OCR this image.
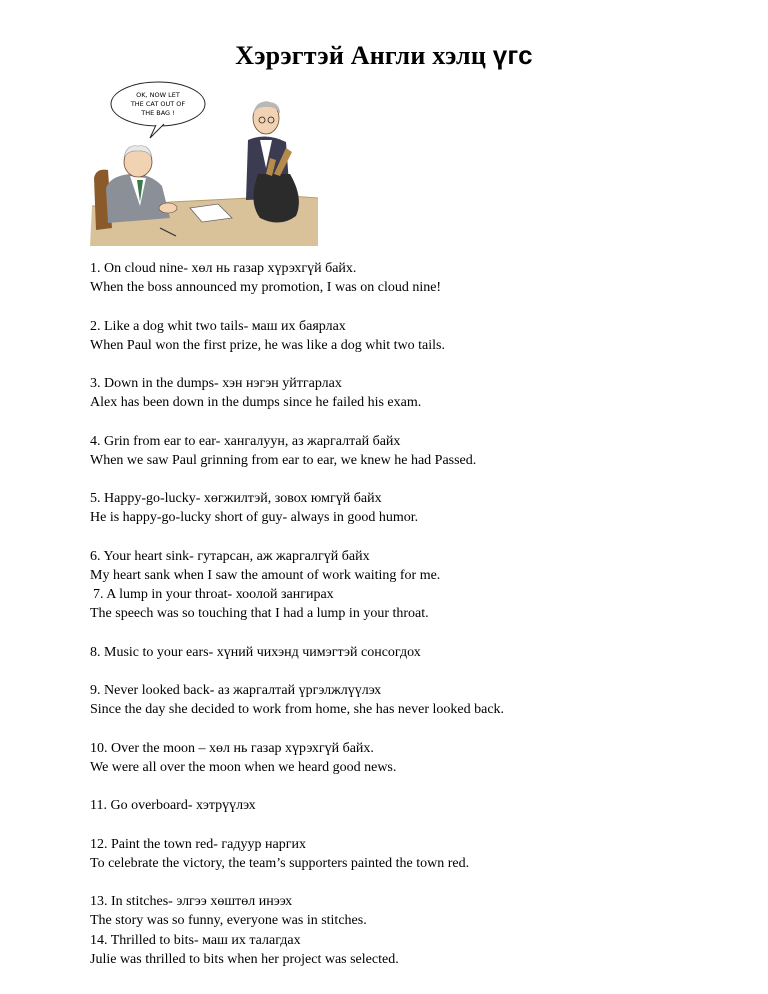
Хэрэгтэй Англи хэлц үгс
OK, NOW LET
THE CAT OUT OF
THE BAG !
1. On cloud nine- хөл нь газар хүрэхгүй байх.
When the boss announced my promotion, I was on cloud nine!
2. Like a dog whit two tails- маш их баярлах
When Paul won the first prize, he was like a dog whit two tails.
3. Down in the dumps- хэн нэгэн уйтгарлах
Alex has been down in the dumps since he failed his exam.
4. Grin from ear to ear- хангалуун, аз жаргалтай байх
When we saw Paul grinning from ear to ear, we knew he had Passed.
5. Happy-go-lucky- хөгжилтэй, зовох юмгүй байх
He is happy-go-lucky short of guy- always in good humor.
6. Your heart sink- гутарсан, аж жаргалгүй байх
My heart sank when I saw the amount of work waiting for me.
7. A lump in your throat- хоолой зангирах
The speech was so touching that I had a lump in your throat.
8. Music to your ears- хүний чихэнд чимэгтэй сонсогдох
9. Never looked back- аз жаргалтай үргэлжлүүлэх
Since the day she decided to work from home, she has never looked back.
10. Over the moon – хөл нь газар хүрэхгүй байх.
We were all over the moon when we heard good news.
11. Go overboard- хэтрүүлэх
12. Paint the town red- гадуур наргих
To celebrate the victory, the team’s supporters painted the town red.
13. In stitches- элгээ хөштөл инээх
The story was so funny, everyone was in stitches.
14. Thrilled to bits- маш их талагдах
Julie was thrilled to bits when her project was selected.
